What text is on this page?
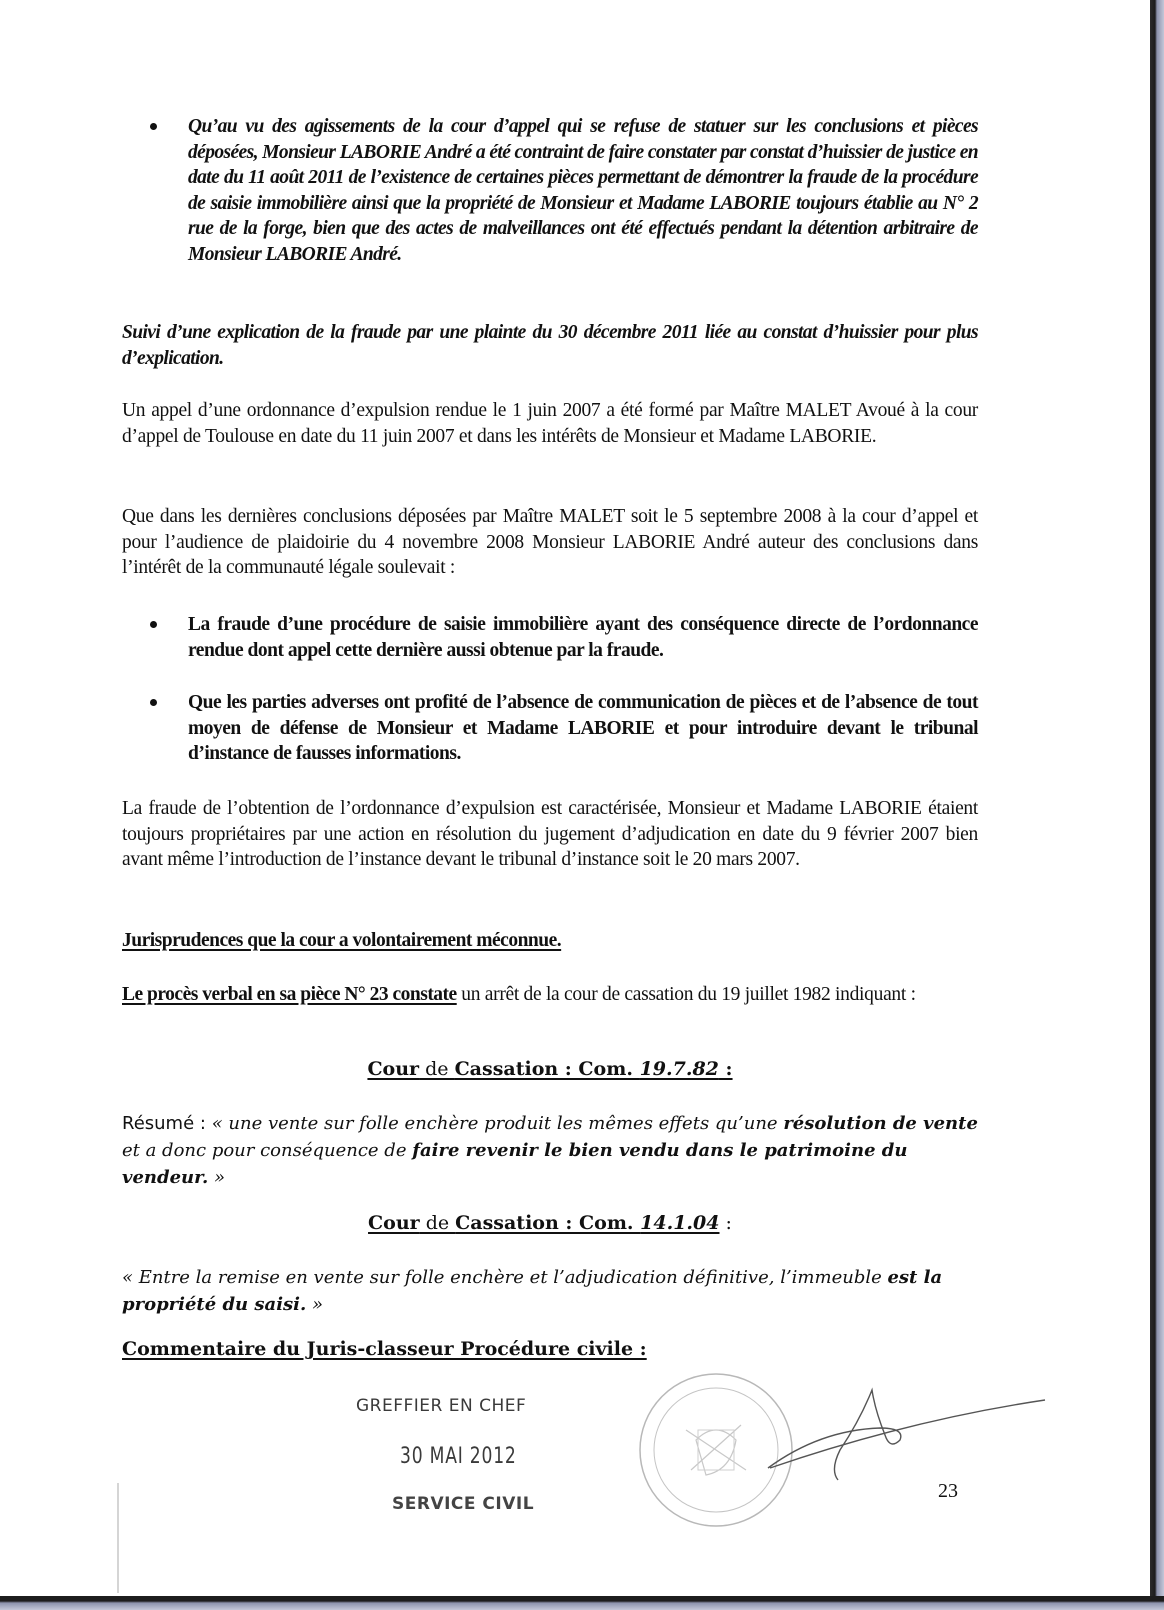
Qu’au vu des agissements de la cour d’appel qui se refuse de statuer sur les conclusions et pièces déposées, Monsieur LABORIE André a été contraint de faire constater par constat d’huissier de justice en date du 11 août 2011 de l’existence de certaines pièces permettant de démontrer la fraude de la procédure de saisie immobilière ainsi que la propriété de Monsieur et Madame LABORIE toujours établie au N° 2 rue de la forge, bien que des actes de malveillances ont été effectués pendant la détention arbitraire de Monsieur LABORIE André.
Suivi d’une explication de la fraude par une plainte du 30 décembre 2011 liée au constat d’huissier pour plus d’explication.
Un appel d’une ordonnance d’expulsion rendue le 1 juin 2007 a été formé par Maître MALET Avoué à la cour d’appel de Toulouse en date du 11 juin 2007 et dans les intérêts de Monsieur et Madame LABORIE.
Que dans les dernières conclusions déposées par Maître MALET soit le 5 septembre 2008 à la cour d’appel et pour l’audience de plaidoirie du 4 novembre 2008 Monsieur LABORIE André auteur des conclusions dans l’intérêt de la communauté légale soulevait :
La fraude d’une procédure de saisie immobilière ayant des conséquence directe de l’ordonnance rendue dont appel cette dernière aussi obtenue par la fraude.
Que les parties adverses ont profité de l’absence de communication de pièces et de l’absence de tout moyen de défense de Monsieur et Madame LABORIE et pour introduire devant le tribunal d’instance de fausses informations.
La fraude de l’obtention de l’ordonnance d’expulsion est caractérisée, Monsieur et Madame LABORIE étaient toujours propriétaires par une action en résolution du jugement d’adjudication en date du 9 février 2007 bien avant même l’introduction de l’instance devant le tribunal d’instance soit le 20 mars 2007.
Jurisprudences que la cour a volontairement méconnue.
Le procès verbal en sa pièce N° 23 constate un arrêt de la cour de cassation du 19 juillet 1982 indiquant :
Cour de Cassation : Com. 19.7.82 :
Résumé : « une vente sur folle enchère produit les mêmes effets qu’une résolution de vente et a donc pour conséquence de faire revenir le bien vendu dans le patrimoine du vendeur. »
Cour de Cassation : Com. 14.1.04 :
« Entre la remise en vente sur folle enchère et l’adjudication définitive, l’immeuble est la propriété du saisi. »
Commentaire du Juris-classeur Procédure civile :
GREFFIER EN CHEF
30 MAI 2012
SERVICE CIVIL
23
